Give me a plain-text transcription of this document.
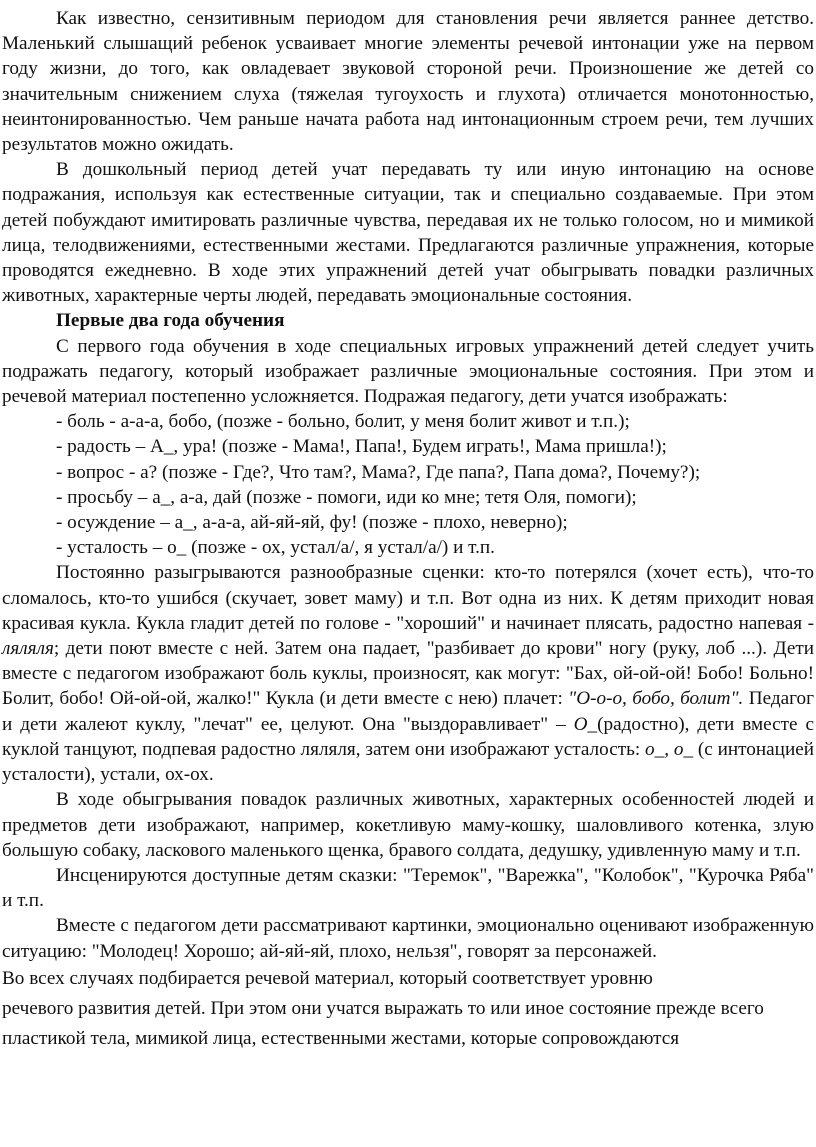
Как известно, сензитивным периодом для становления речи является раннее детство. Маленький слышащий ребенок усваивает многие элементы речевой интонации уже на первом году жизни, до того, как овладевает звуковой стороной речи. Произношение же детей со значительным снижением слуха (тяжелая тугоухость и глухота) отличается монотонностью, неинтонированностью. Чем раньше начата работа над интонационным строем речи, тем лучших результатов можно ожидать.

В дошкольный период детей учат передавать ту или иную интонацию на основе подражания, используя как естественные ситуации, так и специально создаваемые. При этом детей побуждают имитировать различные чувства, передавая их не только голосом, но и мимикой лица, телодвижениями, естественными жестами. Предлагаются различные упражнения, которые проводятся ежедневно. В ходе этих упражнений детей учат обыгрывать повадки различных животных, характерные черты людей, передавать эмоциональные состояния.

Первые два года обучения

С первого года обучения в ходе специальных игровых упражнений детей следует учить подражать педагогу, который изображает различные эмоциональные состояния. При этом и речевой материал постепенно усложняется. Подражая педагогу, дети учатся изображать:

- боль - а-а-а, бобо, (позже - больно, болит, у меня болит живот и т.п.);

- радость – А_, ура! (позже - Мама!, Папа!, Будем играть!, Мама пришла!);

- вопрос - а? (позже - Где?, Что там?, Мама?, Где папа?, Папа дома?, Почему?);

- просьбу – а_, а-а, дай (позже - помоги, иди ко мне; тетя Оля, помоги);

- осуждение – а_, а-а-а, ай-яй-яй, фу! (позже - плохо, неверно);

- усталость – о_ (позже - ох, устал/а/, я устал/а/) и т.п.

Постоянно разыгрываются разнообразные сценки: кто-то потерялся (хочет есть), что-то сломалось, кто-то ушибся (скучает, зовет маму) и т.п. Вот одна из них. К детям приходит новая красивая кукла. Кукла гладит детей по голове - "хороший" и начинает плясать, радостно напевая - ляляля; дети поют вместе с ней. Затем она падает, "разбивает до крови" ногу (руку, лоб ...). Дети вместе с педагогом изображают боль куклы, произносят, как могут: "Бах, ой-ой-ой! Бобо! Больно! Болит, бобо! Ой-ой-ой, жалко!" Кукла (и дети вместе с нею) плачет: "О-о-о, бобо, болит". Педагог и дети жалеют куклу, "лечат" ее, целуют. Она "выздоравливает" – О_(радостно), дети вместе с куклой танцуют, подпевая радостно ляляля, затем они изображают усталость: о_, о_ (с интонацией усталости), устали, ох-ох.

В ходе обыгрывания повадок различных животных, характерных особенностей людей и предметов дети изображают, например, кокетливую маму-кошку, шаловливого котенка, злую большую собаку, ласкового маленького щенка, бравого солдата, дедушку, удивленную маму и т.п.

Инсценируются доступные детям сказки: "Теремок", "Варежка", "Колобок", "Курочка Ряба" и т.п.

Вместе с педагогом дети рассматривают картинки, эмоционально оценивают изображенную ситуацию: "Молодец! Хорошо; ай-яй-яй, плохо, нельзя", говорят за персонажей.

Во всех случаях подбирается речевой материал, который соответствует уровню
речевого развития детей. При этом они учатся выражать то или иное состояние прежде всего пластикой тела, мимикой лица, естественными жестами, которые сопровождаются
